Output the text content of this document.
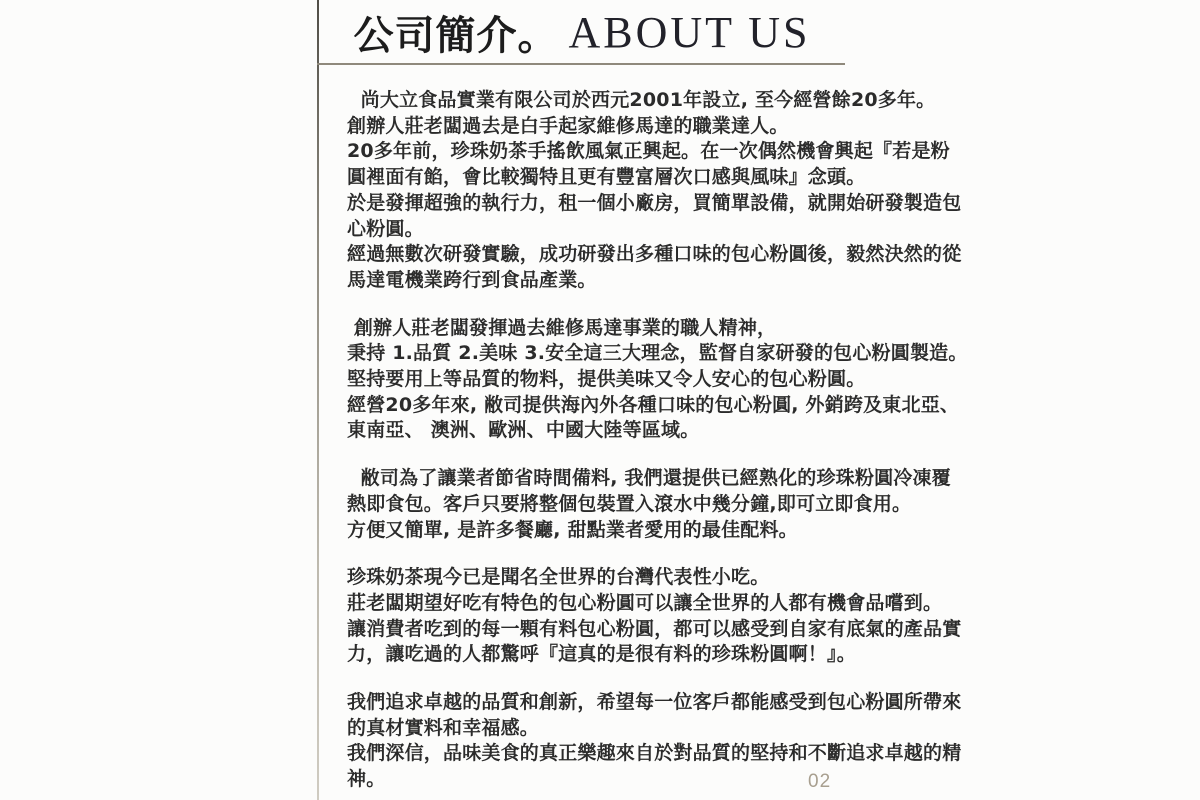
公司簡介。 ABOUT US
尚大立食品實業有限公司於西元2001年設立, 至今經營餘20多年。
創辦人莊老闆過去是白手起家維修馬達的職業達人。
20多年前，珍珠奶茶手搖飲風氣正興起。在一次偶然機會興起『若是粉
圓裡面有餡，會比較獨特且更有豐富層次口感與風味』念頭。
於是發揮超強的執行力，租一個小廠房，買簡單設備，就開始研發製造包
心粉圓。
經過無數次研發實驗，成功研發出多種口味的包心粉圓後，毅然決然的從
馬達電機業跨行到食品產業。
創辦人莊老闆發揮過去維修馬達事業的職人精神，
秉持 1.品質 2.美味 3.安全這三大理念，監督自家研發的包心粉圓製造。
堅持要用上等品質的物料，提供美味又令人安心的包心粉圓。
經營20多年來, 敝司提供海內外各種口味的包心粉圓, 外銷跨及東北亞、
東南亞、 澳洲、歐洲、中國大陸等區域。
敝司為了讓業者節省時間備料, 我們還提供已經熟化的珍珠粉圓冷凍覆
熱即食包。客戶只要將整個包裝置入滾水中幾分鐘,即可立即食用。
方便又簡單, 是許多餐廳, 甜點業者愛用的最佳配料。
珍珠奶茶現今已是聞名全世界的台灣代表性小吃。
莊老闆期望好吃有特色的包心粉圓可以讓全世界的人都有機會品嚐到。
讓消費者吃到的每一顆有料包心粉圓，都可以感受到自家有底氣的產品實
力，讓吃過的人都驚呼『這真的是很有料的珍珠粉圓啊！』。
我們追求卓越的品質和創新，希望每一位客戶都能感受到包心粉圓所帶來
的真材實料和幸福感。
我們深信，品味美食的真正樂趣來自於對品質的堅持和不斷追求卓越的精
神。	02
